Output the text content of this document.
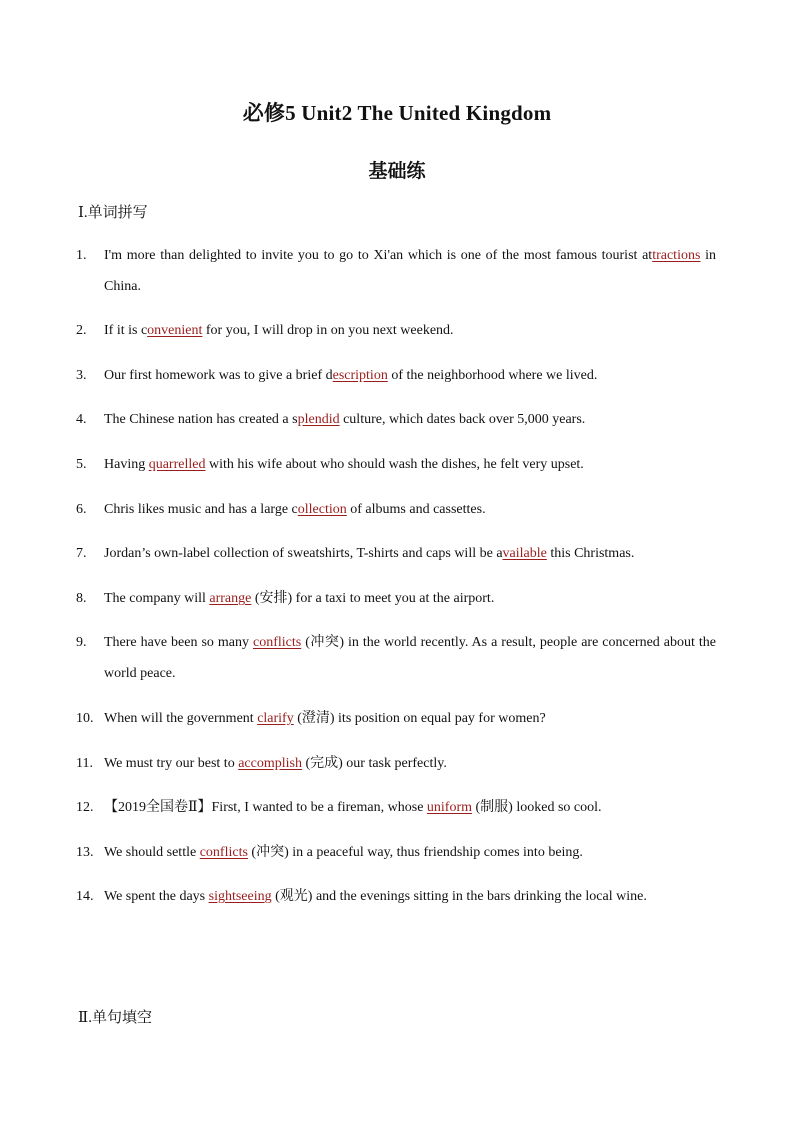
必修5 Unit2 The United Kingdom
基础练
Ⅰ.单词拼写
1.	I'm more than delighted to invite you to go to Xi'an which is one of the most famous tourist attractions in China.
2.	If it is convenient for you, I will drop in on you next weekend.
3.	Our first homework was to give a brief description of the neighborhood where we lived.
4.	The Chinese nation has created a splendid culture, which dates back over 5,000 years.
5.	Having quarrelled with his wife about who should wash the dishes, he felt very upset.
6.	Chris likes music and has a large collection of albums and cassettes.
7.	Jordan’s own-label collection of sweatshirts, T-shirts and caps will be available this Christmas.
8.	The company will arrange (安排) for a taxi to meet you at the airport.
9.	There have been so many conflicts (冲突) in the world recently. As a result, people are concerned about the world peace.
10. When will the government clarify (澄清) its position on equal pay for women?
11. We must try our best to accomplish (完成) our task perfectly.
12. 【2019全国卷Ⅱ】First, I wanted to be a fireman, whose uniform (制服) looked so cool.
13. We should settle conflicts (冲突) in a peaceful way, thus friendship comes into being.
14. We spent the days sightseeing (观光) and the evenings sitting in the bars drinking the local wine.
Ⅱ.单句填空
